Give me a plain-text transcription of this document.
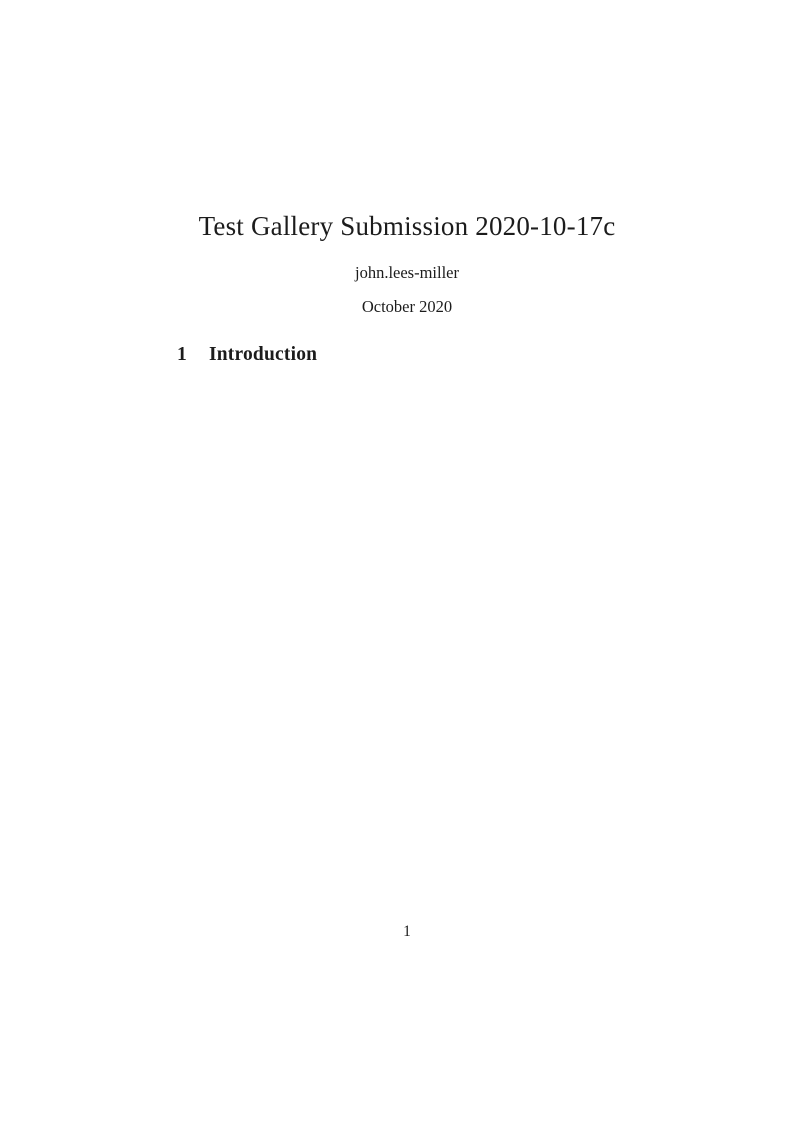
Test Gallery Submission 2020-10-17c
john.lees-miller
October 2020
1 Introduction
1
